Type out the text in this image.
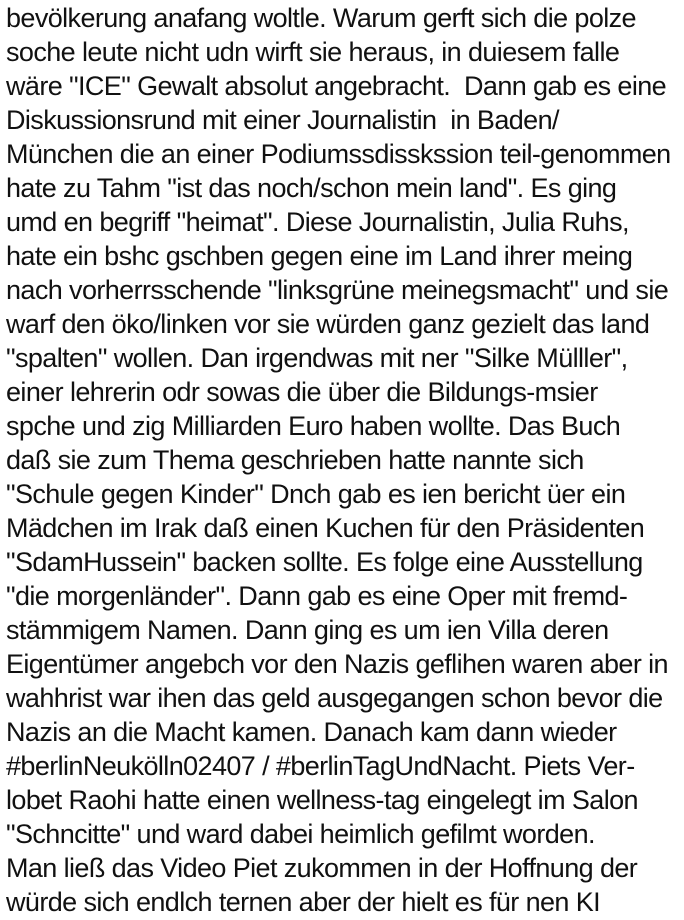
bevölkerung anafang woltle. Warum gerft sich die polze
soche leute nicht udn wirft sie heraus, in duiesem falle
wäre "ICE" Gewalt absolut angebracht.  Dann gab es eine
Diskussionsrund mit einer Journalistin  in Baden/
München die an einer Podiumssdisskssion teil-genommen
hate zu Tahm "ist das noch/schon mein land". Es ging
umd en begriff "heimat". Diese Journalistin, Julia Ruhs,
hate ein bshc gschben gegen eine im Land ihrer meing
nach vorherrsschende "linksgrüne meinegsmacht" und sie
warf den öko/linken vor sie würden ganz gezielt das land
"spalten" wollen. Dan irgendwas mit ner "Silke Mülller",
einer lehrerin odr sowas die über die Bildungs-msier
spche und zig Milliarden Euro haben wollte. Das Buch
daß sie zum Thema geschrieben hatte nannte sich
"Schule gegen Kinder" Dnch gab es ien bericht üer ein
Mädchen im Irak daß einen Kuchen für den Präsidenten
"SdamHussein" backen sollte. Es folge eine Ausstellung
"die morgenländer". Dann gab es eine Oper mit fremd-
stämmigem Namen. Dann ging es um ien Villa deren
Eigentümer angebch vor den Nazis geflihen waren aber in
wahhrist war ihen das geld ausgegangen schon bevor die
Nazis an die Macht kamen. Danach kam dann wieder
#berlinNeukölln02407 / #berlinTagUndNacht. Piets Ver-
lobet Raohi hatte einen wellness-tag eingelegt im Salon
"Schncitte" und ward dabei heimlich gefilmt worden.
Man ließ das Video Piet zukommen in der Hoffnung der
würde sich endlch ternen aber der hielt es für nen KI
